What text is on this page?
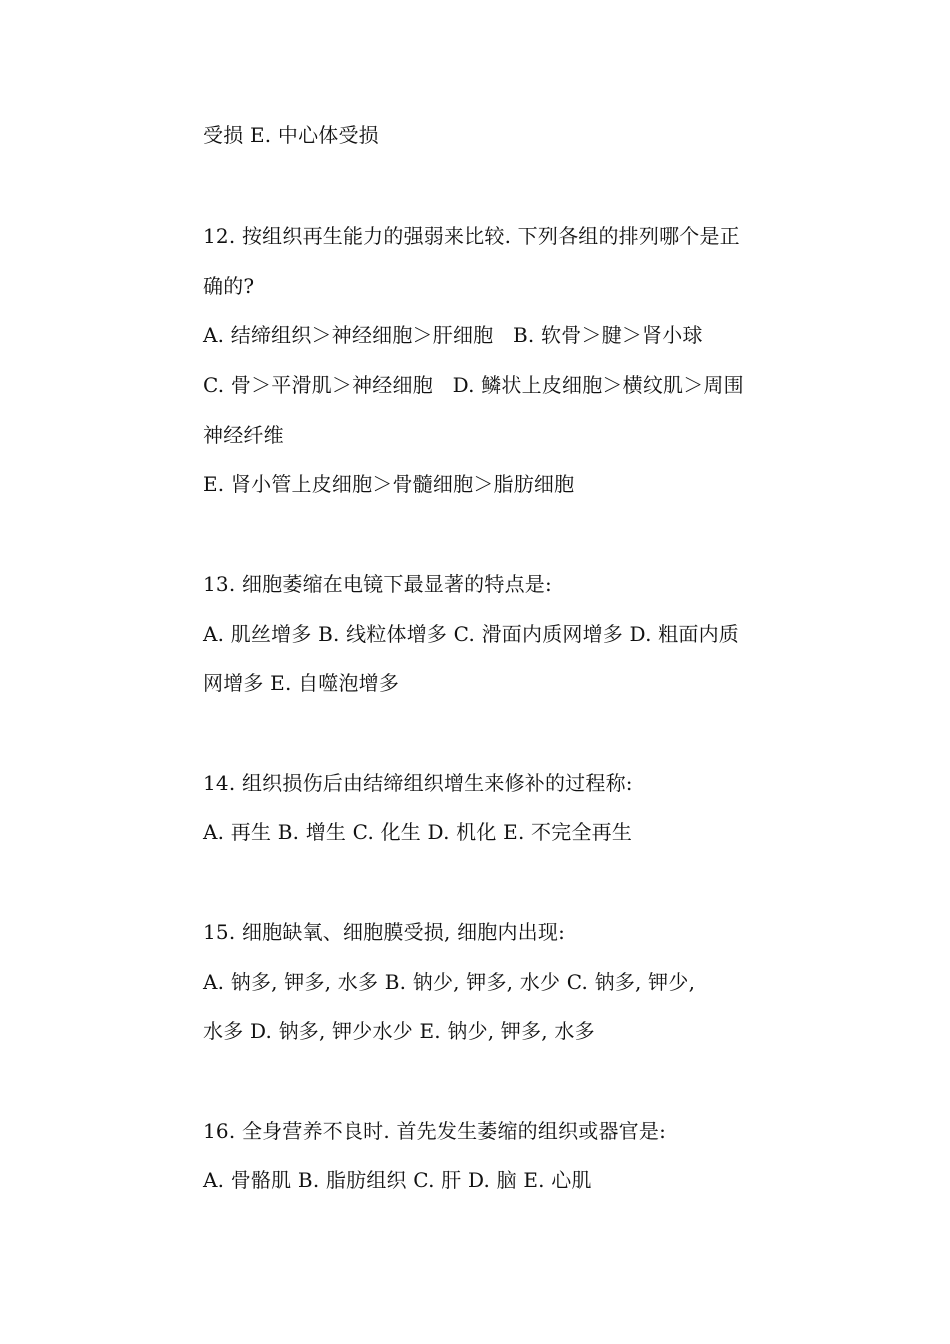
受损 E. 中心体受损
12. 按组织再生能力的强弱来比较. 下列各组的排列哪个是正
确的?
A. 结缔组织＞神经细胞＞肝细胞   B. 软骨＞腱＞肾小球
C. 骨＞平滑肌＞神经细胞   D. 鳞状上皮细胞＞横纹肌＞周围
神经纤维
E. 肾小管上皮细胞＞骨髓细胞＞脂肪细胞
13. 细胞萎缩在电镜下最显著的特点是:
A. 肌丝增多 B. 线粒体增多 C. 滑面内质网增多 D. 粗面内质
网增多 E. 自噬泡增多
14. 组织损伤后由结缔组织增生来修补的过程称:
A. 再生 B. 增生 C. 化生 D. 机化 E. 不完全再生
15. 细胞缺氧、细胞膜受损, 细胞内出现:
A. 钠多, 钾多, 水多 B. 钠少, 钾多, 水少 C. 钠多, 钾少,
水多 D. 钠多, 钾少水少 E. 钠少, 钾多, 水多
16. 全身营养不良时. 首先发生萎缩的组织或器官是:
A. 骨骼肌 B. 脂肪组织 C. 肝 D. 脑 E. 心肌
